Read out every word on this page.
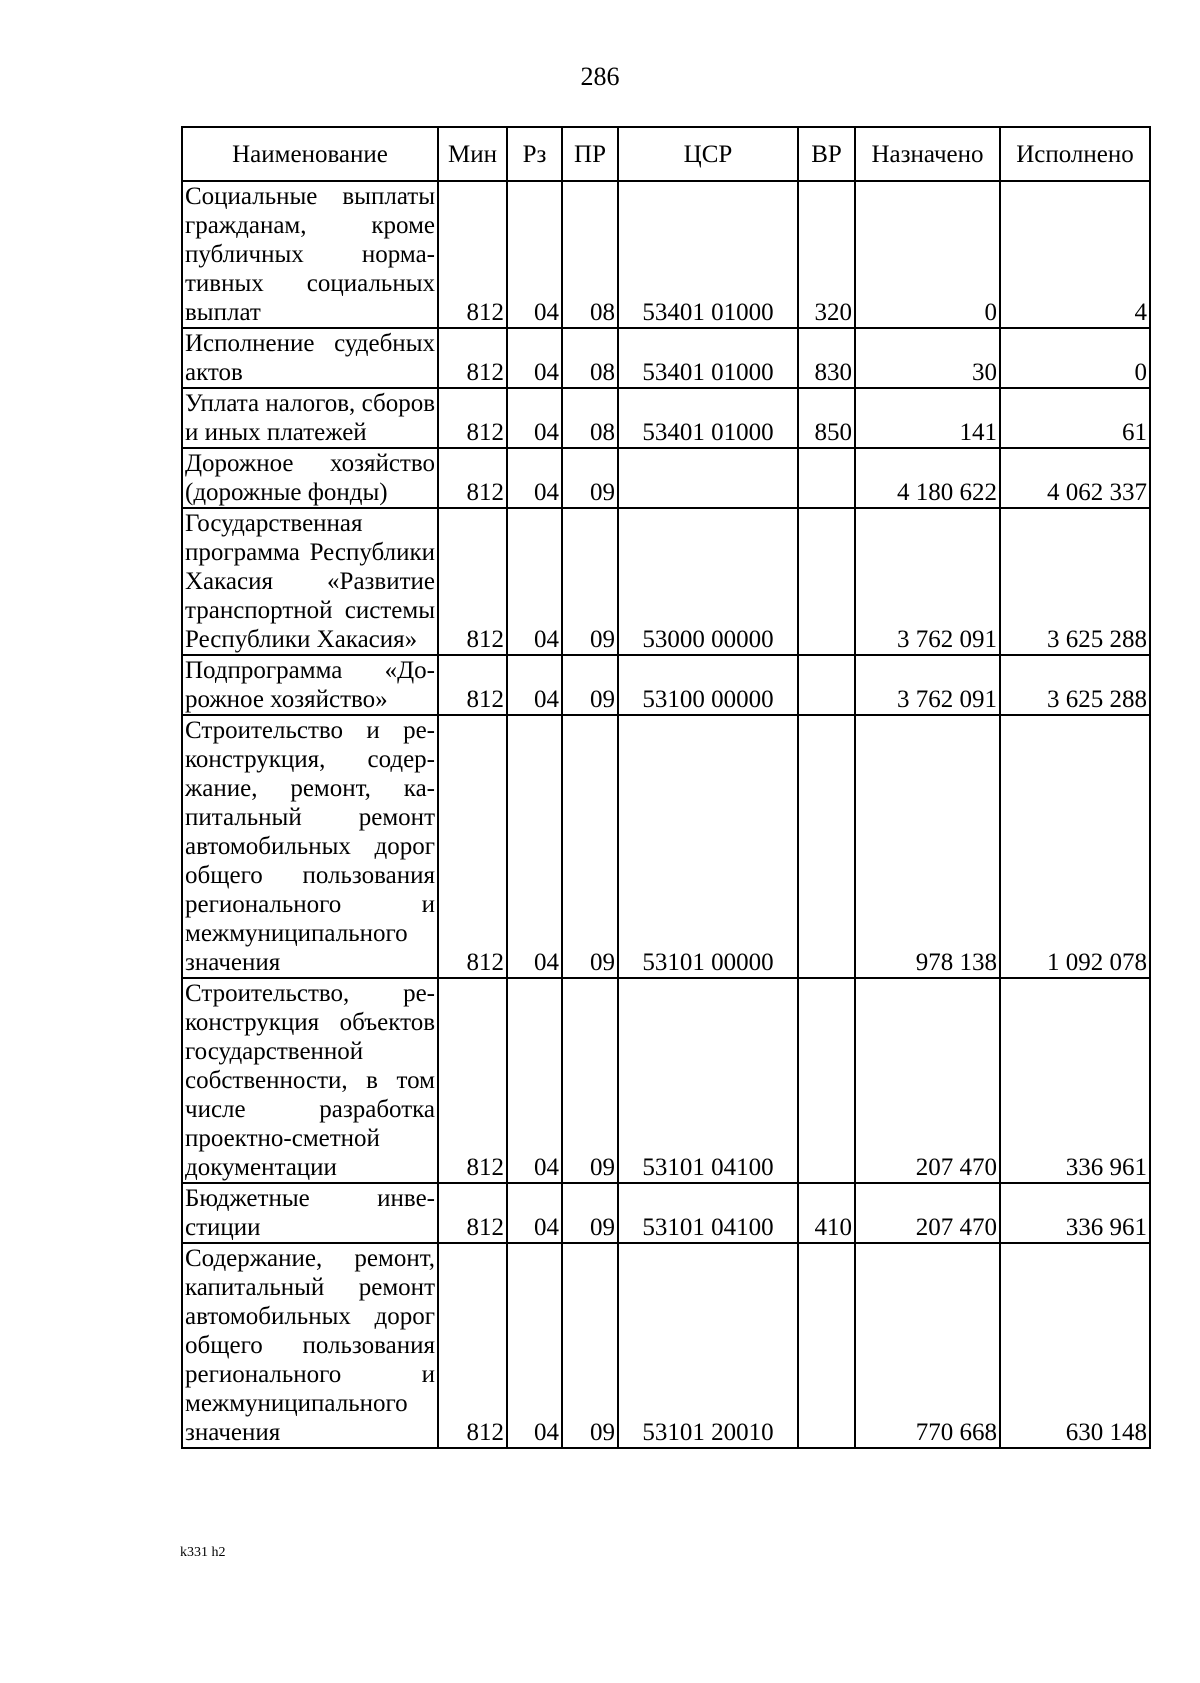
286
Наименование	Мин	Рз	ПР	ЦСР	ВР	Назначено	Исполнено
Социальные выплаты гражданам, кроме публичных нормативных социальных выплат	812	04	08	53401 01000	320	0	4
Исполнение судебных актов	812	04	08	53401 01000	830	30	0
Уплата налогов, сборов и иных платежей	812	04	08	53401 01000	850	141	61
Дорожное хозяйство (дорожные фонды)	812	04	09			4 180 622	4 062 337
Государственная программа Республики Хакасия «Развитие транспортной системы Республики Хакасия»	812	04	09	53000 00000		3 762 091	3 625 288
Подпрограмма «Дорожное хозяйство»	812	04	09	53100 00000		3 762 091	3 625 288
Строительство и реконструкция, содержание, ремонт, капитальный ремонт автомобильных дорог общего пользования регионального и межмуниципального значения	812	04	09	53101 00000		978 138	1 092 078
Строительство, реконструкция объектов государственной собственности, в том числе разработка проектно-сметной документации	812	04	09	53101 04100		207 470	336 961
Бюджетные инвестиции	812	04	09	53101 04100	410	207 470	336 961
Содержание, ремонт, капитальный ремонт автомобильных дорог общего пользования регионального и межмуниципального значения	812	04	09	53101 20010		770 668	630 148
k331 h2
